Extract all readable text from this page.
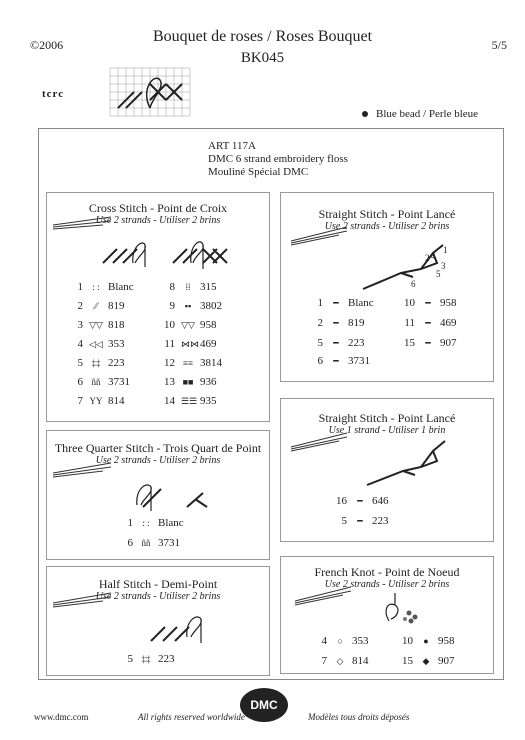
©2006	Bouquet de roses / Roses Bouquet
BK045
5/5
tcrc
Blue bead / Perle bleue
ART 117A
DMC 6 strand embroidery floss
Mouliné Spécial DMC
Cross Stitch - Point de Croix
Use 2 strands - Utiliser 2 brins
1 : : Blanc
2 ⁄⁄ 819
3 ▽▽ 818
4 ◁◁ 353
5 ‡‡ 223
6 ññ 3731
7 YY 814
8 ⁞⁞ 315
9 ▪▪ 3802
10 ▽▽ 958
11 ⋈⋈469
12 ≡≡ 3814
13 ■■ 936
14 ☰☰ 935
Straight Stitch - Point Lancé
Use 2 strands - Utiliser 2 brins
1
2
3
4
5
6
1 ━ Blanc
2 ━ 819
5 ━ 223
6 ━ 3731
10 ━ 958
11 ━ 469
15 ━ 907
Three Quarter Stitch - Trois Quart de Point
Use 2 strands - Utiliser 2 brins
1 : : Blanc
6 ññ 3731
Straight Stitch - Point Lancé
Use 1 strand - Utiliser 1 brin
16 ━ 646
5 ━ 223
Half Stitch - Demi-Point
Use 2 strands - Utiliser 2 brins
5 ‡‡ 223
French Knot - Point de Noeud
Use 2 strands - Utiliser 2 brins
4 ○ 353
7 ◇ 814
10 ● 958
15 ◆ 907
www.dmc.com	All rights reserved worldwide
DMC
Modèles tous droits déposés
